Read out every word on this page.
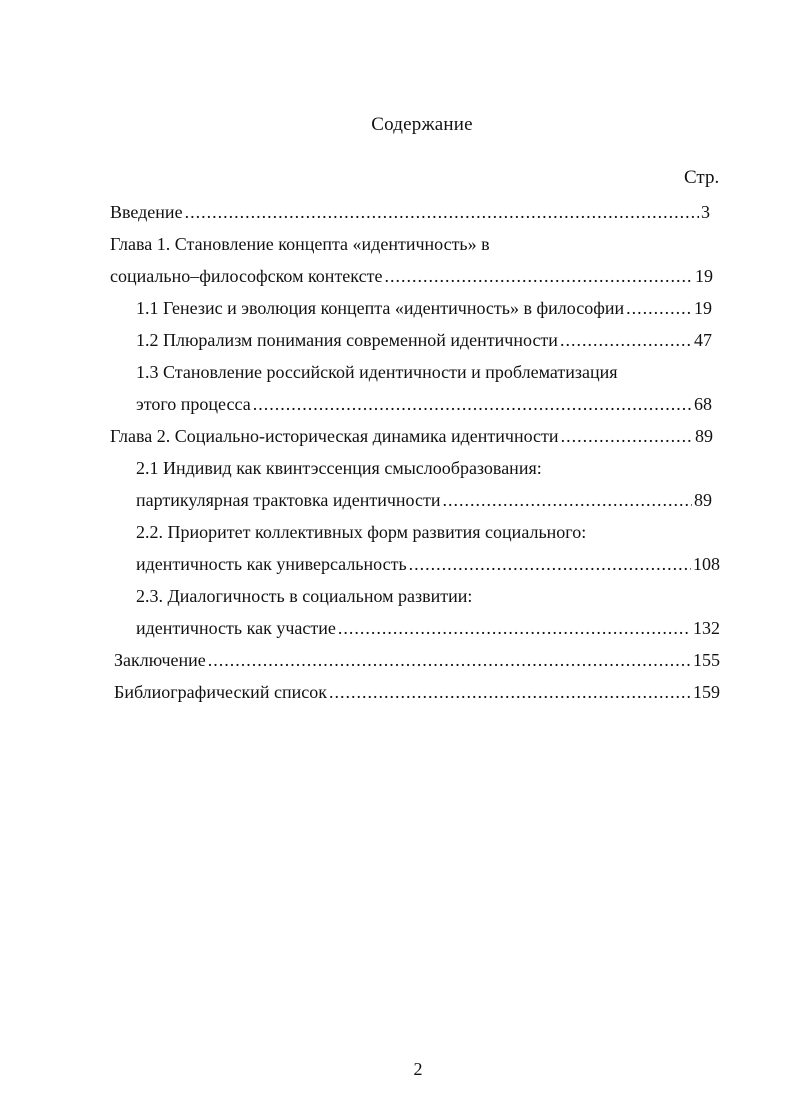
Содержание
Стр.
Введение .....	3
Глава 1. Становление концепта «идентичность» в
социально–философском контексте .....	19
1.1 Генезис и эволюция концепта «идентичность» в философии .....	19
1.2 Плюрализм понимания современной идентичности .....	47
1.3 Становление российской идентичности и проблематизация
этого процесса .....	68
Глава 2. Социально-историческая динамика идентичности .....	89
2.1 Индивид как квинтэссенция смыслообразования:
партикулярная трактовка идентичности .....	89
2.2. Приоритет коллективных форм развития социального:
идентичность как универсальность .....	108
2.3. Диалогичность в социальном развитии:
идентичность как участие .....	132
Заключение .....	155
Библиографический список .....	159
2
